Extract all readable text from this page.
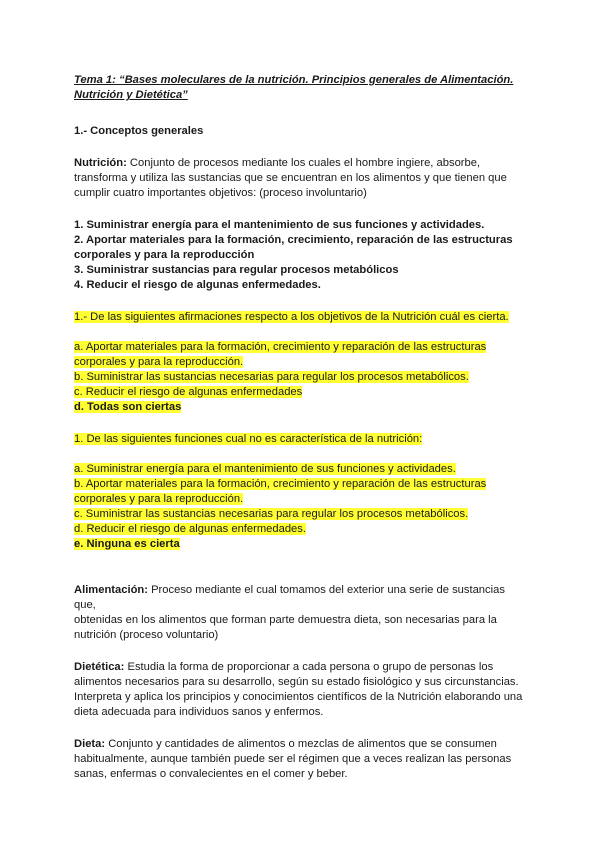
Tema 1: “Bases moleculares de la nutrición. Principios generales de Alimentación.
Nutrición y Dietética”

1.- Conceptos generales

Nutrición: Conjunto de procesos mediante los cuales el hombre ingiere, absorbe,
transforma y utiliza las sustancias que se encuentran en los alimentos y que tienen que
cumplir cuatro importantes objetivos: (proceso involuntario)
1. Suministrar energía para el mantenimiento de sus funciones y actividades.
2. Aportar materiales para la formación, crecimiento, reparación de las estructuras
corporales y para la reproducción
3. Suministrar sustancias para regular procesos metabólicos
4. Reducir el riesgo de algunas enfermedades.
1.- De las siguientes afirmaciones respecto a los objetivos de la Nutrición cuál es cierta.
a. Aportar materiales para la formación, crecimiento y reparación de las estructuras
corporales y para la reproducción.
b. Suministrar las sustancias necesarias para regular los procesos metabólicos.
c. Reducir el riesgo de algunas enfermedades
d. Todas son ciertas
1. De las siguientes funciones cual no es característica de la nutrición:
a. Suministrar energía para el mantenimiento de sus funciones y actividades.
b. Aportar materiales para la formación, crecimiento y reparación de las estructuras
corporales y para la reproducción.
c. Suministrar las sustancias necesarias para regular los procesos metabólicos.
d. Reducir el riesgo de algunas enfermedades.
e. Ninguna es cierta
Alimentación: Proceso mediante el cual tomamos del exterior una serie de sustancias que,
obtenidas en los alimentos que forman parte demuestra dieta, son necesarias para la
nutrición (proceso voluntario)
Dietética: Estudia la forma de proporcionar a cada persona o grupo de personas los
alimentos necesarios para su desarrollo, según su estado fisiológico y sus circunstancias.
Interpreta y aplica los principios y conocimientos científicos de la Nutrición elaborando una
dieta adecuada para individuos sanos y enfermos.
Dieta: Conjunto y cantidades de alimentos o mezclas de alimentos que se consumen
habitualmente, aunque también puede ser el régimen que a veces realizan las personas
sanas, enfermas o convalecientes en el comer y beber.
